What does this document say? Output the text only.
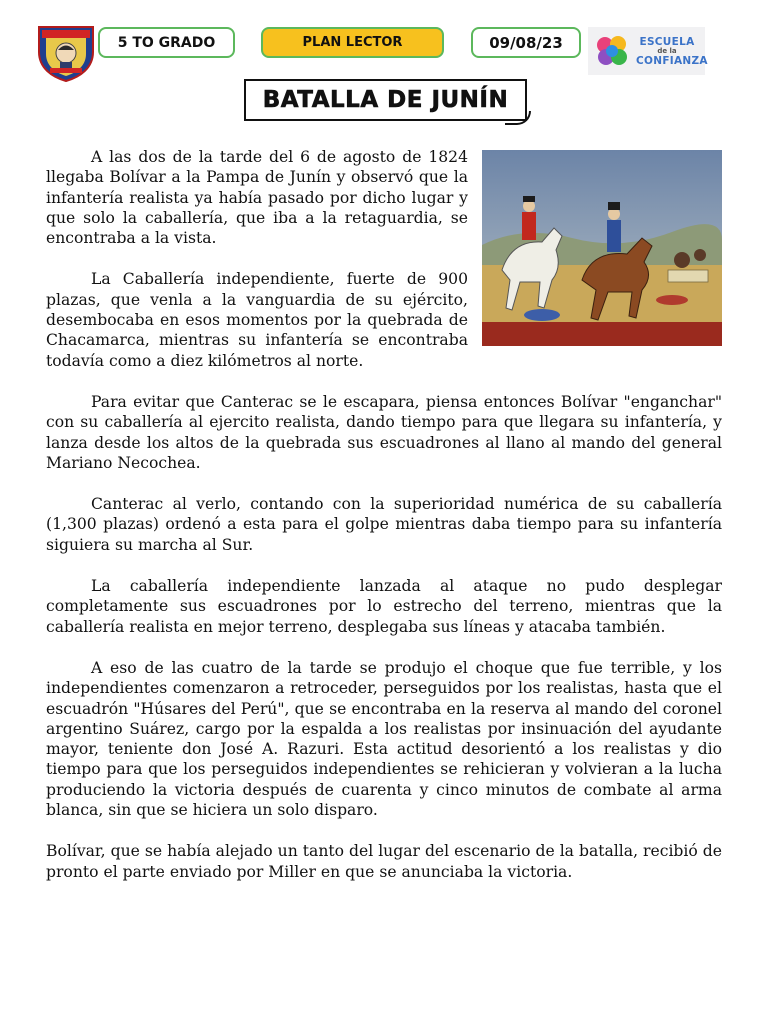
5 TO GRADO	PLAN LECTOR	09/08/23	ESCUELA
de la
CONFIANZA
BATALLA DE JUNÍN

A las dos de la tarde del 6 de agosto de 1824 llegaba Bolívar a la Pampa de Junín y observó que la infantería realista ya había pasado por dicho lugar y que solo la caballería, que iba a la retaguardia, se encontraba a la vista.

La Caballería independiente, fuerte de 900 plazas, que venla a la vanguardia de su ejército, desembocaba en esos momentos por la quebrada de Chacamarca, mientras su infantería se encontraba todavía como a diez kilómetros al norte.

Para evitar que Canterac se le escapara, piensa entonces Bolívar "enganchar" con su caballería al ejercito realista, dando tiempo para que llegara su infantería, y lanza desde los altos de la quebrada sus escuadrones al llano al mando del general Mariano Necochea.

Canterac al verlo, contando con la superioridad numérica de su caballería (1,300 plazas) ordenó a esta para el golpe mientras daba tiempo para su infantería siguiera su marcha al Sur.

La caballería independiente lanzada al ataque no pudo desplegar completamente sus escuadrones por lo estrecho del terreno, mientras que la caballería realista en mejor terreno, desplegaba sus líneas y atacaba también.

A eso de las cuatro de la tarde se produjo el choque que fue terrible, y los independientes comenzaron a retroceder, perseguidos por los realistas, hasta que el escuadrón "Húsares del Perú", que se encontraba en la reserva al mando del coronel argentino Suárez, cargo por la espalda a los realistas por insinuación del ayudante mayor, teniente don José A. Razuri. Esta actitud desorientó a los realistas y dio tiempo para que los perseguidos independientes se rehicieran y volvieran a la lucha produciendo la victoria después de cuarenta y cinco minutos de combate al arma blanca, sin que se hiciera un solo disparo.

Bolívar, que se había alejado un tanto del lugar del escenario de la batalla, recibió de pronto el parte enviado por Miller en que se anunciaba la victoria.
